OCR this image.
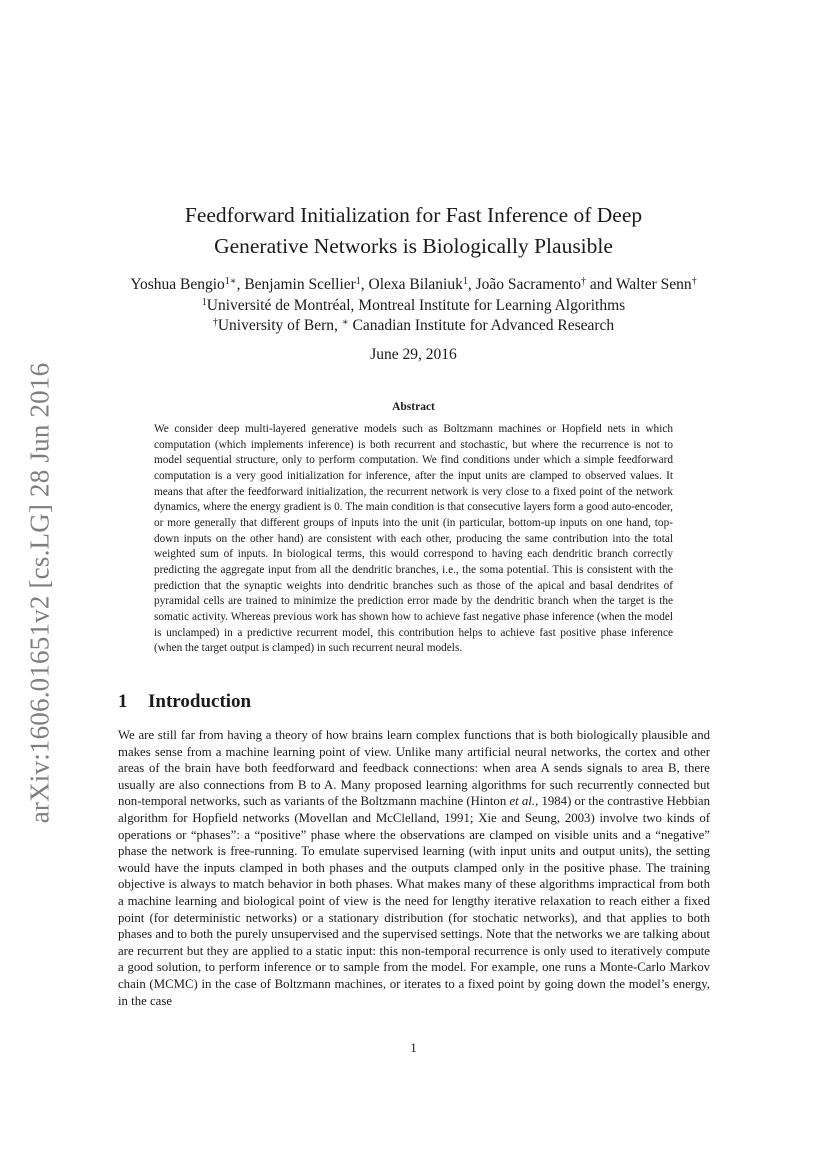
arXiv:1606.01651v2 [cs.LG] 28 Jun 2016
Feedforward Initialization for Fast Inference of Deep
Generative Networks is Biologically Plausible
Yoshua Bengio$^{1∗}$, Benjamin Scellier$^1$, Olexa Bilaniuk$^1$, João Sacramento† and Walter Senn†
$^1$Université de Montréal, Montreal Institute for Learning Algorithms
†University of Bern, ∗ Canadian Institute for Advanced Research
June 29, 2016
Abstract

We consider deep multi-layered generative models such as Boltzmann machines or Hopfield nets in which computation (which implements inference) is both recurrent and stochastic, but where the recurrence is not to model sequential structure, only to perform computation. We find conditions under which a simple feedforward computation is a very good initialization for inference, after the input units are clamped to observed values. It means that after the feedforward initialization, the recurrent network is very close to a fixed point of the network dynamics, where the energy gradient is 0. The main condition is that consecutive layers form a good auto-encoder, or more generally that different groups of inputs into the unit (in particular, bottom-up inputs on one hand, top-down inputs on the other hand) are consistent with each other, producing the same contribution into the total weighted sum of inputs. In biological terms, this would correspond to having each dendritic branch correctly predicting the aggregate input from all the dendritic branches, i.e., the soma potential. This is consistent with the prediction that the synaptic weights into dendritic branches such as those of the apical and basal dendrites of pyramidal cells are trained to minimize the prediction error made by the dendritic branch when the target is the somatic activity. Whereas previous work has shown how to achieve fast negative phase inference (when the model is unclamped) in a predictive recurrent model, this contribution helps to achieve fast positive phase inference (when the target output is clamped) in such recurrent neural models.

1 Introduction

We are still far from having a theory of how brains learn complex functions that is both biologically plausible and makes sense from a machine learning point of view. Unlike many artificial neural networks, the cortex and other areas of the brain have both feedforward and feedback connections: when area A sends signals to area B, there usually are also connections from B to A. Many proposed learning algorithms for such recurrently connected but non-temporal networks, such as variants of the Boltzmann machine (Hinton et al., 1984) or the contrastive Hebbian algorithm for Hopfield networks (Movellan and McClelland, 1991; Xie and Seung, 2003) involve two kinds of operations or “phases”: a “positive” phase where the observations are clamped on visible units and a “negative” phase the network is free-running. To emulate supervised learning (with input units and output units), the setting would have the inputs clamped in both phases and the outputs clamped only in the positive phase. The training objective is always to match behavior in both phases. What makes many of these algorithms impractical from both a machine learning and biological point of view is the need for lengthy iterative relaxation to reach either a fixed point (for deterministic networks) or a stationary distribution (for stochatic networks), and that applies to both phases and to both the purely unsupervised and the supervised settings. Note that the networks we are talking about are recurrent but they are applied to a static input: this non-temporal recurrence is only used to iteratively compute a good solution, to perform inference or to sample from the model. For example, one runs a Monte-Carlo Markov chain (MCMC) in the case of Boltzmann machines, or iterates to a fixed point by going down the model’s energy, in the case

1
